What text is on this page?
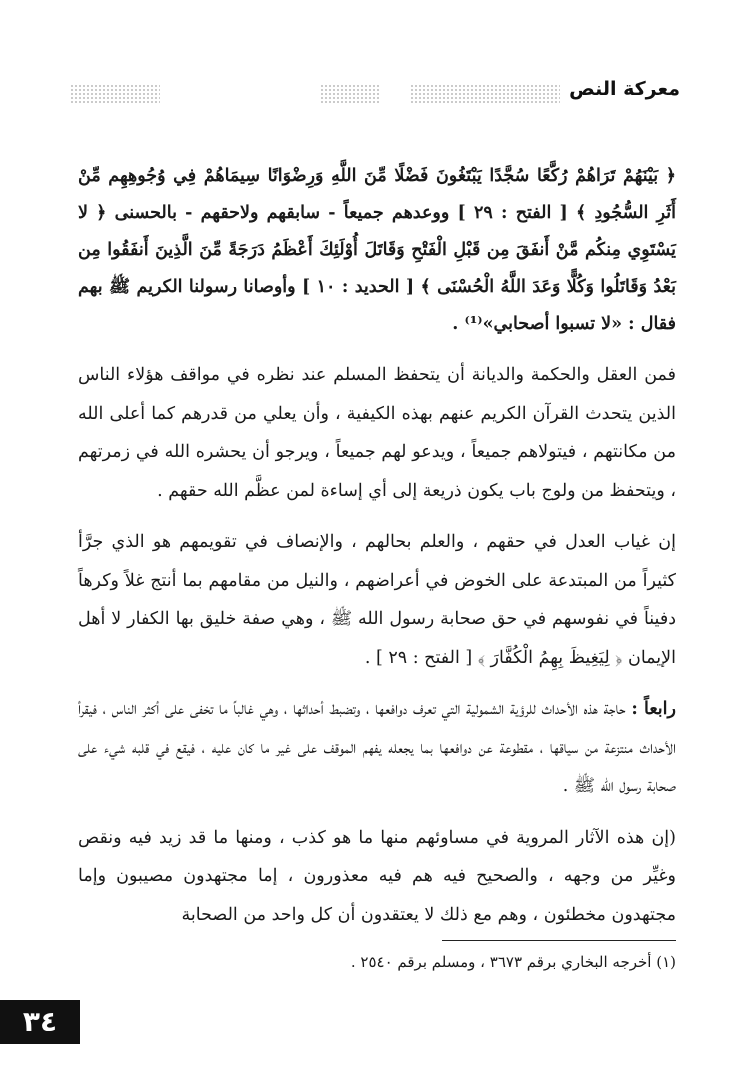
معركة النص

﴿ بَيْنَهُمْ تَرَاهُمْ رُكَّعًا سُجَّدًا يَبْتَغُونَ فَضْلًا مِّنَ اللَّهِ وَرِضْوَانًا سِيمَاهُمْ فِي وُجُوهِهِم مِّنْ أَثَرِ السُّجُودِ ﴾ [ الفتح : ٢٩ ] ووعدهم جميعاً - سابقهم ولاحقهم - بالحسنى ﴿ لا يَسْتَوِي مِنكُم مَّنْ أَنفَقَ مِن قَبْلِ الْفَتْحِ وَقَاتَلَ أُوْلَئِكَ أَعْظَمُ دَرَجَةً مِّنَ الَّذِينَ أَنفَقُوا مِن بَعْدُ وَقَاتَلُوا وَكُلًّا وَعَدَ اللَّهُ الْحُسْنَى ﴾ [ الحديد : ١٠ ] وأوصانا رسولنا الكريم ﷺ بهم فقال : «لا تسبوا أصحابي»⁽¹⁾ .

فمن العقل والحكمة والديانة أن يتحفظ المسلم عند نظره في مواقف هؤلاء الناس الذين يتحدث القرآن الكريم عنهم بهذه الكيفية ، وأن يعلي من قدرهم كما أعلى الله من مكانتهم ، فيتولاهم جميعاً ، ويدعو لهم جميعاً ، ويرجو أن يحشره الله في زمرتهم ، ويتحفظ من ولوج باب يكون ذريعة إلى أي إساءة لمن عظَّم الله حقهم .

إن غياب العدل في حقهم ، والعلم بحالهم ، والإنصاف في تقويمهم هو الذي جرَّأ كثيراً من المبتدعة على الخوض في أعراضهم ، والنيل من مقامهم بما أنتج غلاً وكرهاً دفيناً في نفوسهم في حق صحابة رسول الله ﷺ ، وهي صفة خليق بها الكفار لا أهل الإيمان ﴿ لِيَغِيظَ بِهِمُ الْكُفَّارَ ﴾ [ الفتح : ٢٩ ] .

رابعاً : حاجة هذه الأحداث للرؤية الشمولية التي تعرف دوافعها ، وتضبط أحداثها ، وهي غالباً ما تخفى على أكثر الناس ، فيقرأ الأحداث منتزعة من سياقها ، مقطوعة عن دوافعها بما يجعله يفهم الموقف على غير ما كان عليه ، فيقع في قلبه شيء على صحابة رسول الله ﷺ .

(إن هذه الآثار المروية في مساوئهم منها ما هو كذب ، ومنها ما قد زيد فيه ونقص وغيِّر من وجهه ، والصحيح فيه هم فيه معذورون ، إما مجتهدون مصيبون وإما مجتهدون مخطئون ، وهم مع ذلك لا يعتقدون أن كل واحد من الصحابة

(١) أخرجه البخاري برقم ٣٦٧٣ ، ومسلم برقم ٢٥٤٠ .
٣٤
